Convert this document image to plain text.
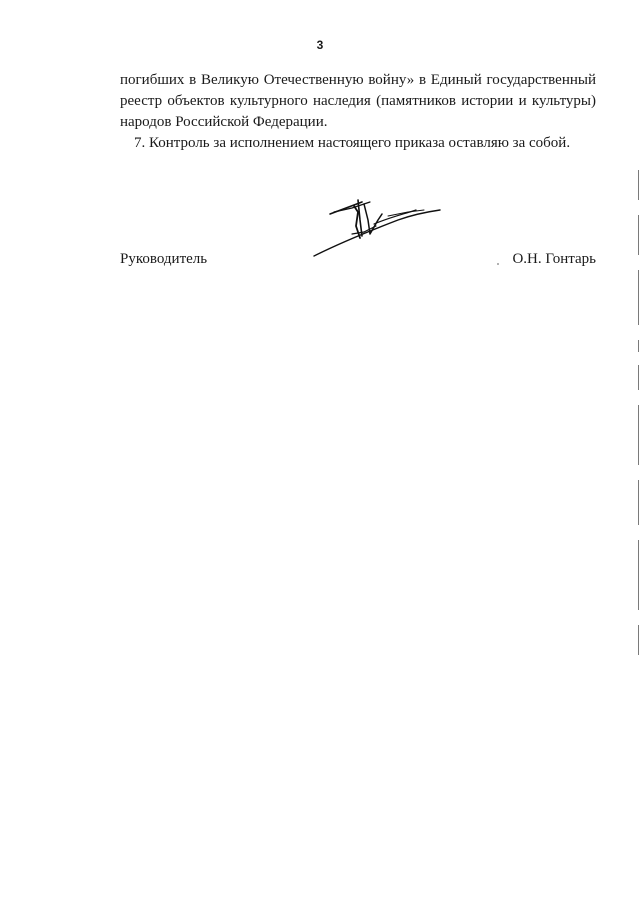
3

погибших в Великую Отечественную войну» в Единый государственный реестр объектов культурного наследия (памятников истории и культуры) народов Российской Федерации.

7. Контроль за исполнением настоящего приказа оставляю за собой.

Руководитель	О.Н. Гонтарь
